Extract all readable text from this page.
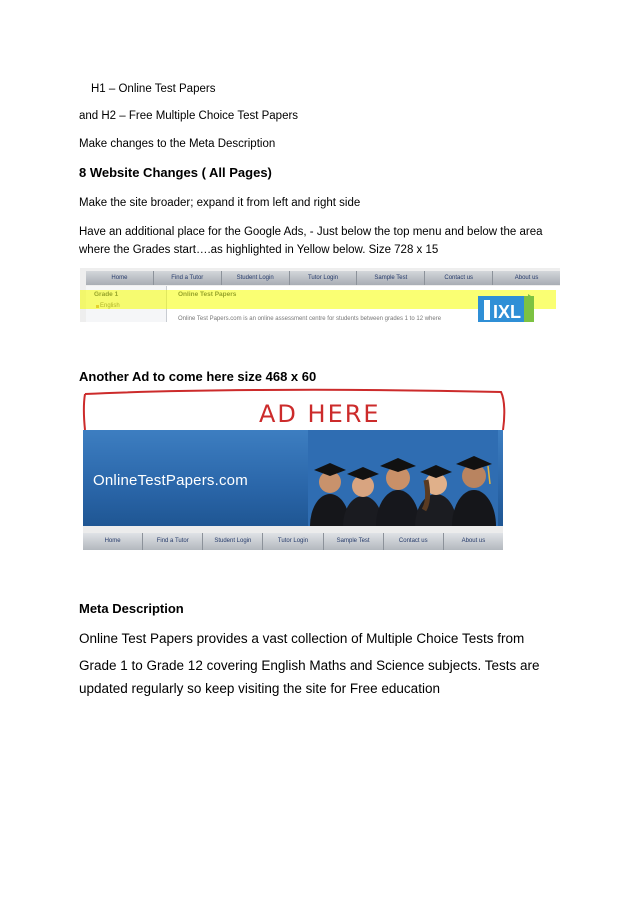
H1 – Online Test Papers
and H2 – Free Multiple Choice Test Papers
Make changes to the Meta Description
8 Website Changes ( All Pages)
Make the site broader; expand it from left and right side
Have an additional place for the Google Ads, - Just below the top menu and below the area
where the Grades start….as highlighted in Yellow below. Size 728 x 15
Home	Find a Tutor	Student Login	Tutor Login	Sample Test	Contact us	About us
Online Test Papers.com is an online assessment centre for students between grades 1 to 12 where	IXL
Another Ad to come here size 468 x 60
AD HERE
OnlineTestPapers.com
Home	Find a Tutor	Student Login	Tutor Login	Sample Test	Contact us	About us
Meta Description
Online Test Papers provides a vast collection of Multiple Choice Tests from
Grade 1 to Grade 12 covering English Maths and Science subjects. Tests are
updated regularly so keep visiting the site for Free education
